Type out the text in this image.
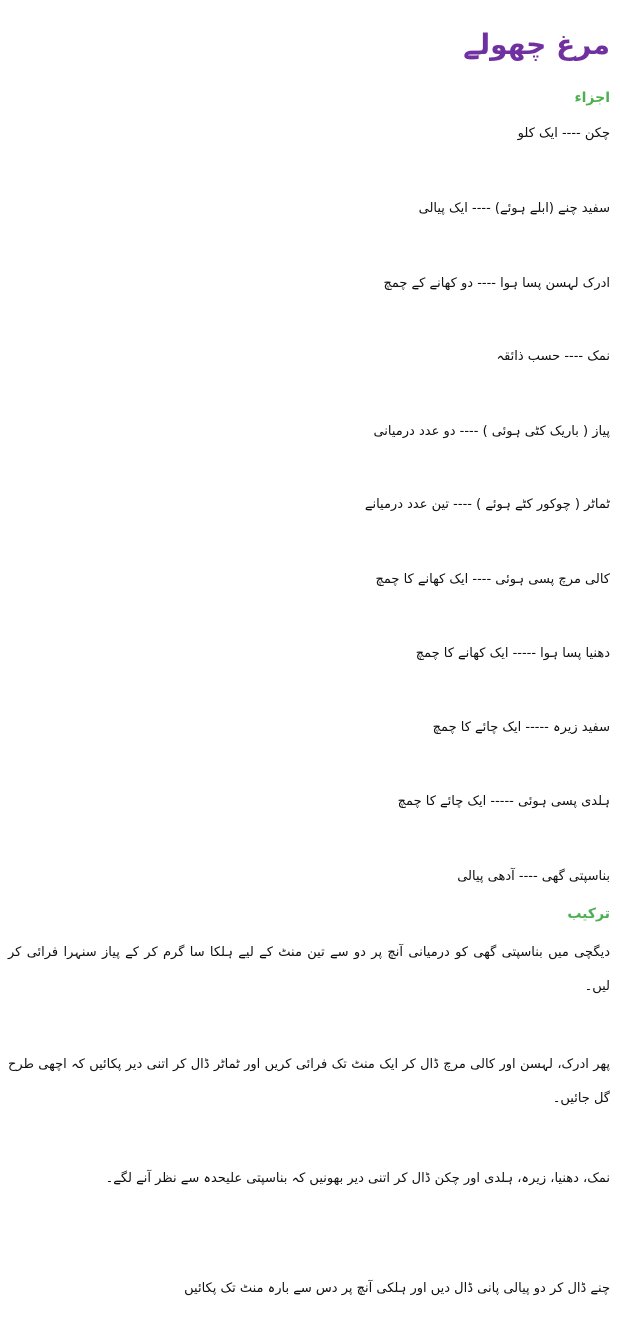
مرغ چھولے
اجزاء
چکن ---- ایک کلو
سفید چنے (ابلے ہوئے) ---- ایک پیالی
ادرک لہسن پسا ہوا ---- دو کھانے کے چمچ
نمک ---- حسب ذائقہ
پیاز ( باریک کٹی ہوئی ) ---- دو عدد درمیانی
ٹماٹر ( چوکور کٹے ہوئے ) ---- تین عدد درمیانے
کالی مرچ پسی ہوئی ---- ایک کھانے کا چمچ
دھنیا پسا ہوا ----- ایک کھانے کا چمچ
سفید زیرہ ----- ایک چائے کا چمچ
ہلدی پسی ہوئی ----- ایک چائے کا چمچ
بناسپتی گھی ---- آدھی پیالی
ترکیب

دیگچی میں بناسپتی گھی کو درمیانی آنچ پر دو سے تین منٹ کے لیے ہلکا سا گرم کر کے پیاز سنہرا فرائی کر لیں۔

پھر ادرک، لہسن اور کالی مرچ ڈال کر ایک منٹ تک فرائی کریں اور ٹماٹر ڈال کر اتنی دیر پکائیں کہ اچھی طرح گل جائیں۔

نمک، دھنیا، زیرہ، ہلدی اور چکن ڈال کر اتنی دیر بھونیں کہ بناسپتی علیحدہ سے نظر آنے لگے۔

چنے ڈال کر دو پیالی پانی ڈال دیں اور ہلکی آنچ پر دس سے بارہ منٹ تک پکائیں
